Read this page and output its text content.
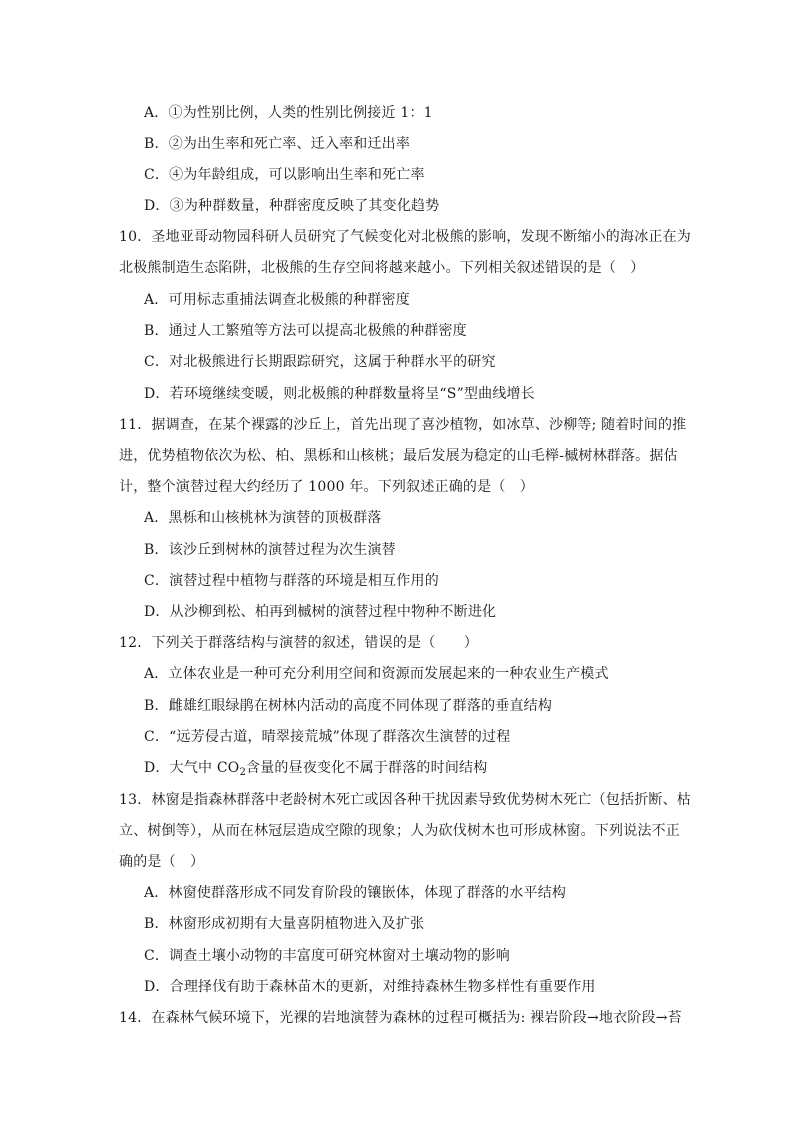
A．①为性别比例，人类的性别比例接近 1：1
B．②为出生率和死亡率、迁入率和迁出率
C．④为年龄组成，可以影响出生率和死亡率
D．③为种群数量，种群密度反映了其变化趋势
10．圣地亚哥动物园科研人员研究了气候变化对北极熊的影响，发现不断缩小的海冰正在为
北极熊制造生态陷阱，北极熊的生存空间将越来越小。下列相关叙述错误的是（　）
A．可用标志重捕法调查北极熊的种群密度
B．通过人工繁殖等方法可以提高北极熊的种群密度
C．对北极熊进行长期跟踪研究，这属于种群水平的研究
D．若环境继续变暖，则北极熊的种群数量将呈“S”型曲线增长
11．据调查，在某个裸露的沙丘上，首先出现了喜沙植物，如冰草、沙柳等; 随着时间的推
进，优势植物依次为松、柏、黑栎和山核桃；最后发展为稳定的山毛榉-槭树林群落。据估
计，整个演替过程大约经历了 1000 年。下列叙述正确的是（　）
A．黑栎和山核桃林为演替的顶极群落
B．该沙丘到树林的演替过程为次生演替
C．演替过程中植物与群落的环境是相互作用的
D．从沙柳到松、柏再到槭树的演替过程中物种不断进化
12．下列关于群落结构与演替的叙述，错误的是（　　）
A．立体农业是一种可充分利用空间和资源而发展起来的一种农业生产模式
B．雌雄红眼绿鹃在树林内活动的高度不同体现了群落的垂直结构
C．“远芳侵古道，晴翠接荒城”体现了群落次生演替的过程
D．大气中 $CO_2$含量的昼夜变化不属于群落的时间结构
13．林窗是指森林群落中老龄树木死亡或因各种干扰因素导致优势树木死亡（包括折断、枯
立、树倒等），从而在林冠层造成空隙的现象；人为砍伐树木也可形成林窗。下列说法不正
确的是（　）
A．林窗使群落形成不同发育阶段的镶嵌体，体现了群落的水平结构
B．林窗形成初期有大量喜阴植物进入及扩张
C．调查土壤小动物的丰富度可研究林窗对土壤动物的影响
D．合理择伐有助于森林苗木的更新，对维持森林生物多样性有重要作用
14．在森林气候环境下，光裸的岩地演替为森林的过程可概括为: 裸岩阶段→地衣阶段→苔
